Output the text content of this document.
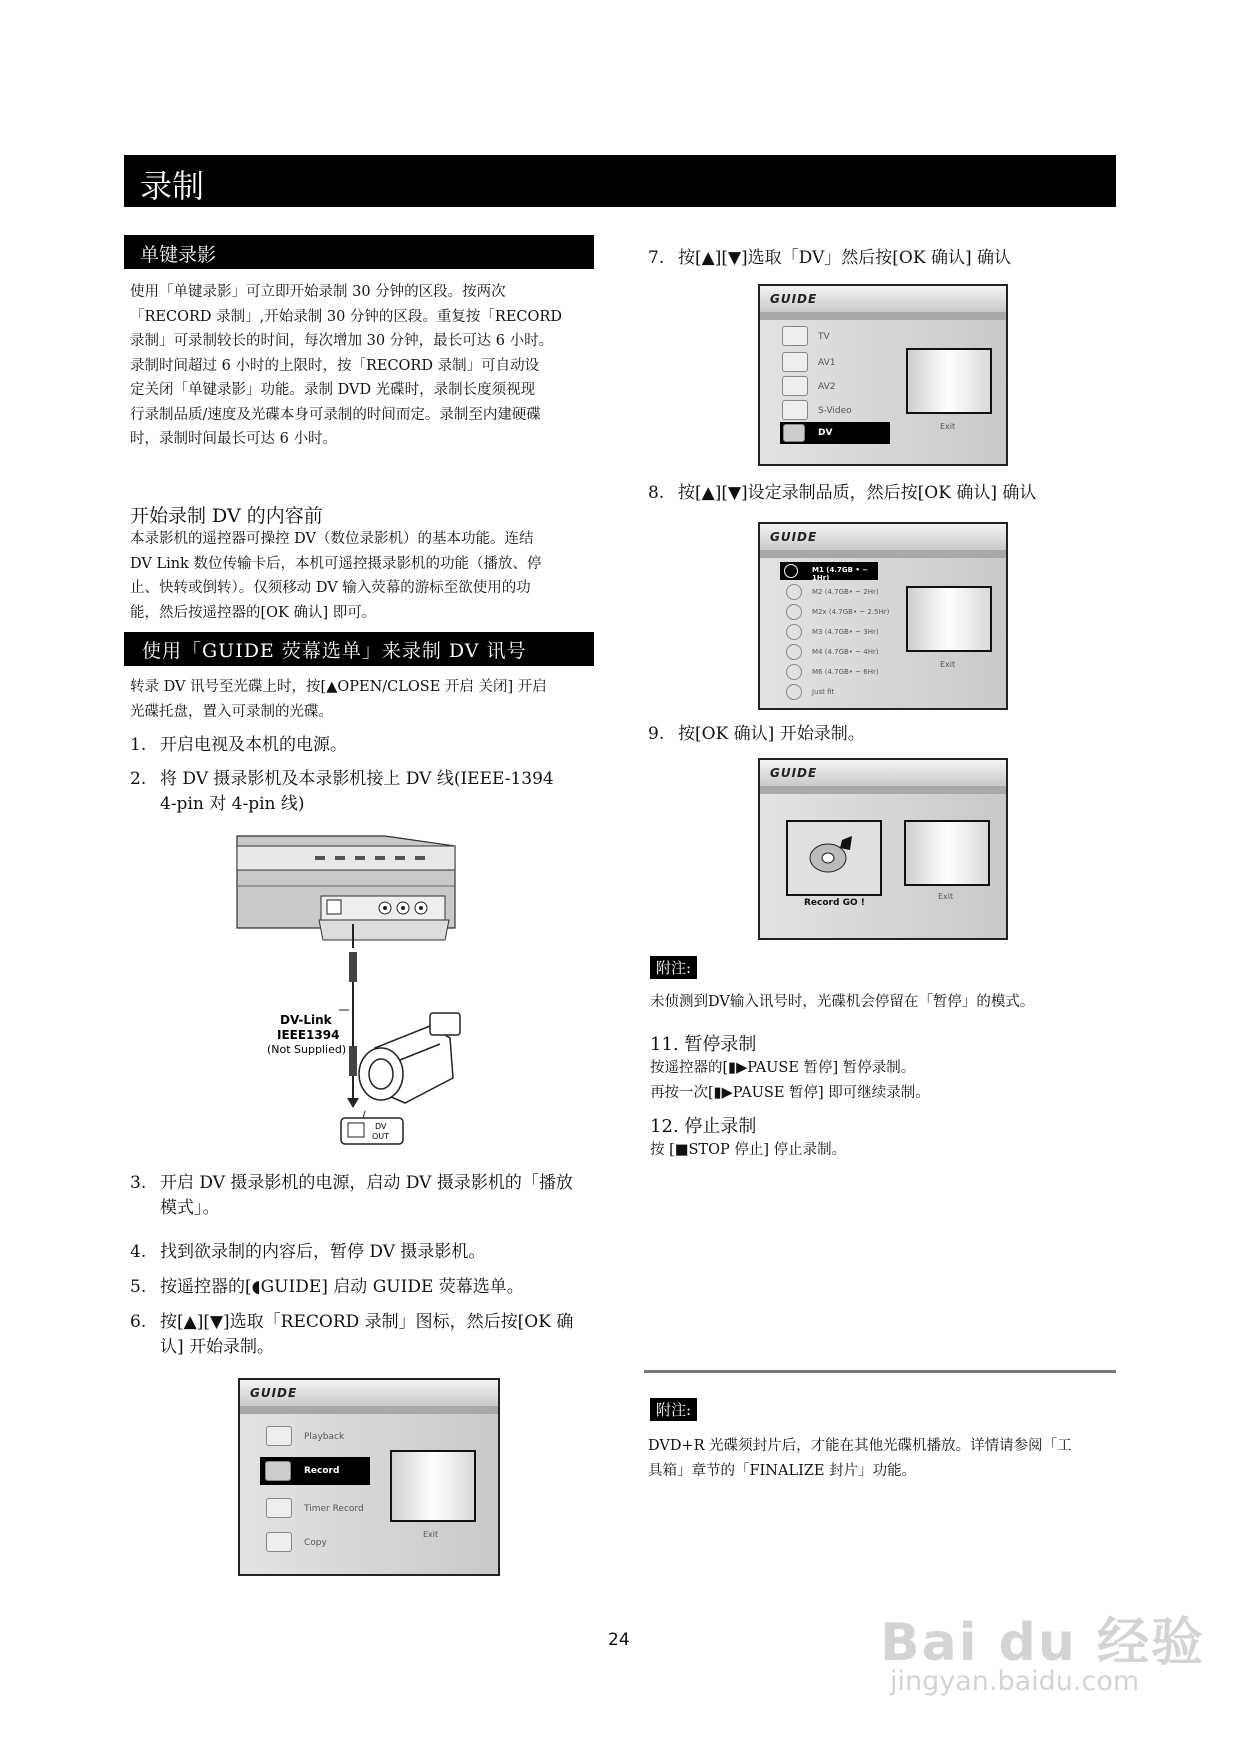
录制
单键录影
使用「单键录影」可立即开始录制 30 分钟的区段。按两次
「RECORD 录制」,开始录制 30 分钟的区段。重复按「RECORD
录制」可录制较长的时间，每次增加 30 分钟，最长可达 6 小时。
录制时间超过 6 小时的上限时，按「RECORD 录制」可自动设
定关闭「单键录影」功能。录制 DVD 光碟时，录制长度须视现
行录制品质/速度及光碟本身可录制的时间而定。录制至内建硬碟
时，录制时间最长可达 6 小时。
开始录制 DV 的内容前
本录影机的遥控器可操控 DV（数位录影机）的基本功能。连结
DV Link 数位传输卡后，本机可遥控摄录影机的功能（播放、停
止、快转或倒转）。仅须移动 DV 输入荧幕的游标至欲使用的功
能，然后按遥控器的[OK 确认] 即可。
使用「GUIDE 荧幕选单」来录制 DV 讯号
转录 DV 讯号至光碟上时，按[▲OPEN/CLOSE 开启 关闭] 开启
光碟托盘，置入可录制的光碟。
1. 开启电视及本机的电源。
2. 将 DV 摄录影机及本录影机接上 DV 线(IEEE-1394
4-pin 对 4-pin 线)
DV
OUT
DV-Link
IEEE1394
(Not Supplied)
3. 开启 DV 摄录影机的电源，启动 DV 摄录影机的「播放
模式」。
4. 找到欲录制的内容后，暂停 DV 摄录影机。
5. 按遥控器的[◖GUIDE] 启动 GUIDE 荧幕选单。
6. 按[▲][▼]选取「RECORD 录制」图标，然后按[OK 确
认] 开始录制。
GUIDE
Playback
Record
Timer Record
Copy
Exit
7. 按[▲][▼]选取「DV」然后按[OK 确认] 确认
GUIDE
TV
AV1
AV2
S-Video
DV
Exit
8. 按[▲][▼]设定录制品质，然后按[OK 确认] 确认
GUIDE
M1 (4.7GB • ~ 1Hr)
M2 (4.7GB• ~ 2Hr)
M2x (4.7GB• ~ 2.5Hr)
M3 (4.7GB• ~ 3Hr)
M4 (4.7GB• ~ 4Hr)
M6 (4.7GB• ~ 6Hr)
Just fit
Exit
9. 按[OK 确认] 开始录制。
GUIDE
Record GO !
Exit
附注:
未侦测到DV输入讯号时，光碟机会停留在「暂停」的模式。
11. 暂停录制
按遥控器的[▮▶PAUSE 暂停] 暂停录制。
再按一次[▮▶PAUSE 暂停] 即可继续录制。
12. 停止录制
按 [■STOP 停止] 停止录制。
附注:
DVD+R 光碟须封片后，才能在其他光碟机播放。详情请参阅「工
具箱」章节的「FINALIZE 封片」功能。
24	Bai du 经验
jingyan.baidu.com
